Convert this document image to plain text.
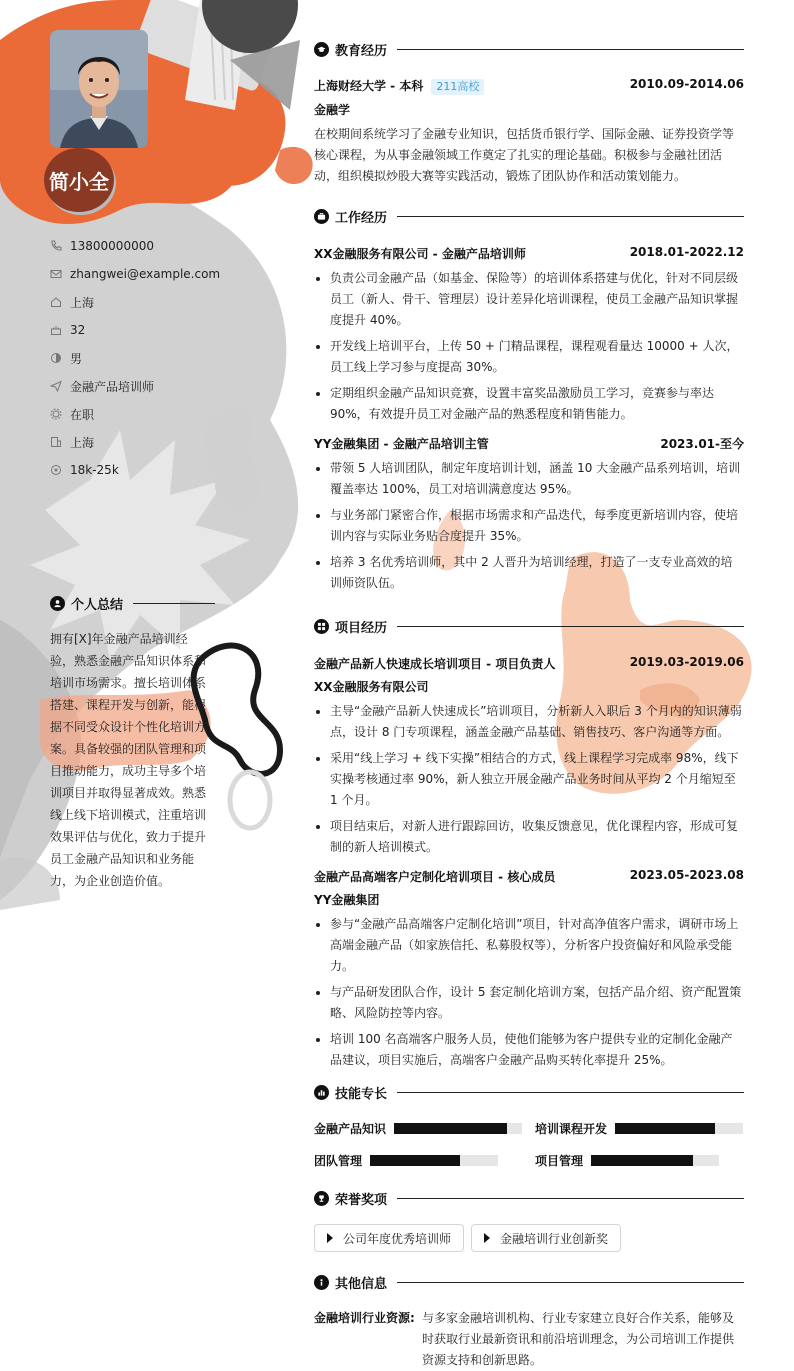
简小全
13800000000
zhangwei@example.com
上海
32
男
金融产品培训师
在职
上海
18k-25k
个人总结
拥有[X]年金融产品培训经验，熟悉金融产品知识体系和培训市场需求。擅长培训体系搭建、课程开发与创新，能根据不同受众设计个性化培训方案。具备较强的团队管理和项目推动能力，成功主导多个培训项目并取得显著成效。熟悉线上线下培训模式，注重培训效果评估与优化，致力于提升员工金融产品知识和业务能力，为企业创造价值。
教育经历
上海财经大学 - 本科 211高校	2010.09-2014.06
金融学
在校期间系统学习了金融专业知识，包括货币银行学、国际金融、证券投资学等核心课程，为从事金融领域工作奠定了扎实的理论基础。积极参与金融社团活动，组织模拟炒股大赛等实践活动，锻炼了团队协作和活动策划能力。
工作经历
XX金融服务有限公司 - 金融产品培训师	2018.01-2022.12
负责公司金融产品（如基金、保险等）的培训体系搭建与优化，针对不同层级员工（新人、骨干、管理层）设计差异化培训课程，使员工金融产品知识掌握度提升 40%。
开发线上培训平台，上传 50 + 门精品课程，课程观看量达 10000 + 人次，员工线上学习参与度提高 30%。
定期组织金融产品知识竞赛，设置丰富奖品激励员工学习，竞赛参与率达 90%，有效提升员工对金融产品的熟悉程度和销售能力。
YY金融集团 - 金融产品培训主管	2023.01-至今
带领 5 人培训团队，制定年度培训计划，涵盖 10 大金融产品系列培训，培训覆盖率达 100%，员工对培训满意度达 95%。
与业务部门紧密合作，根据市场需求和产品迭代，每季度更新培训内容，使培训内容与实际业务贴合度提升 35%。
培养 3 名优秀培训师，其中 2 人晋升为培训经理，打造了一支专业高效的培训师资队伍。
项目经历
金融产品新人快速成长培训项目 - 项目负责人	2019.03-2019.06
XX金融服务有限公司
主导“金融产品新人快速成长”培训项目，分析新人入职后 3 个月内的知识薄弱点，设计 8 门专项课程，涵盖金融产品基础、销售技巧、客户沟通等方面。
采用“线上学习 + 线下实操”相结合的方式，线上课程学习完成率 98%，线下实操考核通过率 90%，新人独立开展金融产品业务时间从平均 2 个月缩短至 1 个月。
项目结束后，对新人进行跟踪回访，收集反馈意见，优化课程内容，形成可复制的新人培训模式。
金融产品高端客户定制化培训项目 - 核心成员	2023.05-2023.08
YY金融集团
参与“金融产品高端客户定制化培训”项目，针对高净值客户需求，调研市场上高端金融产品（如家族信托、私募股权等），分析客户投资偏好和风险承受能力。
与产品研发团队合作，设计 5 套定制化培训方案，包括产品介绍、资产配置策略、风险防控等内容。
培训 100 名高端客户服务人员，使他们能够为客户提供专业的定制化金融产品建议，项目实施后，高端客户金融产品购买转化率提升 25%。
技能专长
金融产品知识	培训课程开发
团队管理	项目管理
荣誉奖项
公司年度优秀培训师	金融培训行业创新奖
其他信息
金融培训行业资源: 与多家金融培训机构、行业专家建立良好合作关系，能够及时获取行业最新资讯和前沿培训理念，为公司培训工作提供资源支持和创新思路。
